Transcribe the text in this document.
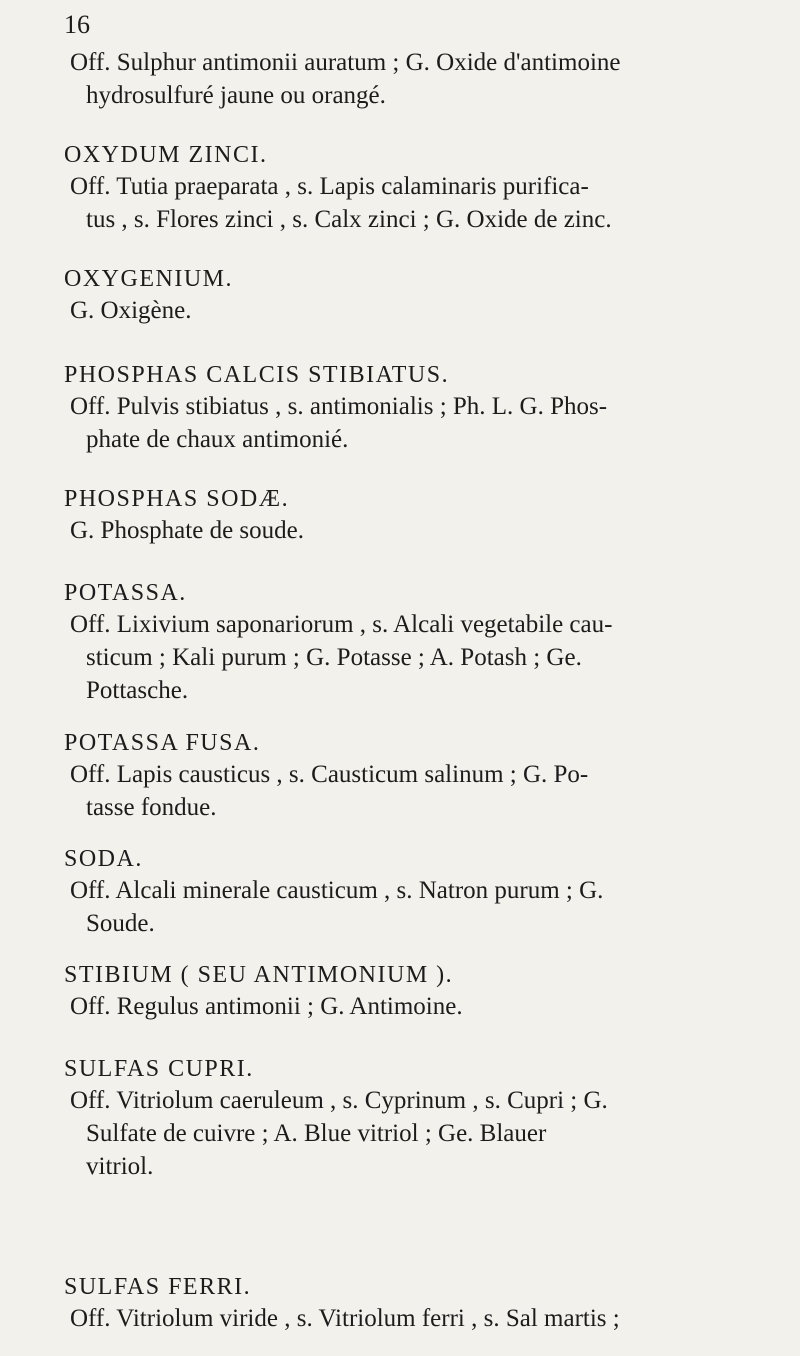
16
Off. Sulphur antimonii auratum ; G. Oxide d'antimoine
hydrosulfuré jaune ou orangé.
OXYDUM ZINCI.
Off. Tutia praeparata , s. Lapis calaminaris purifica-
tus , s. Flores zinci , s. Calx zinci ; G. Oxide de zinc.
OXYGENIUM.
G. Oxigène.
PHOSPHAS CALCIS STIBIATUS.
Off. Pulvis stibiatus , s. antimonialis ; Ph. L. G. Phos-
phate de chaux antimonié.
PHOSPHAS SODÆ.
G. Phosphate de soude.
POTASSA.
Off. Lixivium saponariorum , s. Alcali vegetabile cau-
sticum ; Kali purum ; G. Potasse ; A. Potash ; Ge.
Pottasche.
POTASSA FUSA.
Off. Lapis causticus , s. Causticum salinum ; G. Po-
tasse fondue.
SODA.
Off. Alcali minerale causticum , s. Natron purum ; G.
Soude.
STIBIUM ( SEU ANTIMONIUM ).
Off. Regulus antimonii ; G. Antimoine.
SULFAS CUPRI.
Off. Vitriolum caeruleum , s. Cyprinum , s. Cupri ; G.
Sulfate de cuivre ; A. Blue vitriol ; Ge. Blauer
vitriol.
SULFAS FERRI.
Off. Vitriolum viride , s. Vitriolum ferri , s. Sal martis ;
